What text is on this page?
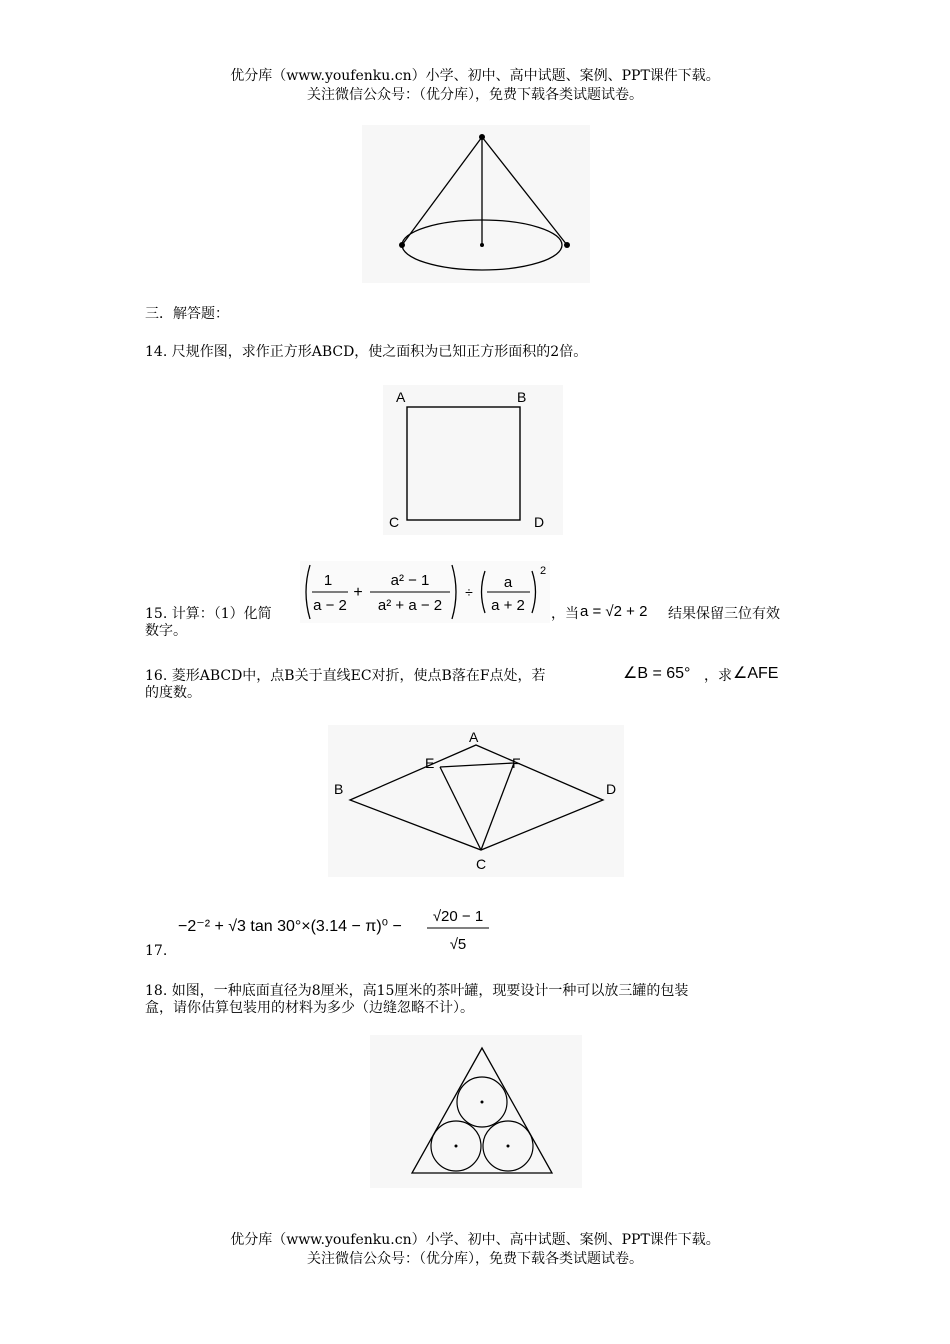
优分库（www.youfenku.cn）小学、初中、高中试题、案例、PPT课件下载。
关注微信公众号：（优分库），免费下载各类试题试卷。
三．解答题：
14. 尺规作图，求作正方形ABCD，使之面积为已知正方形面积的2倍。
A	B
C	D
15. 计算：（1）化简
1
a − 2
+
a² − 1
a² + a − 2
÷
a
a + 2
2
，当 a = √2 + 2 结果保留三位有效
数字。
16. 菱形ABCD中，点B关于直线EC对折，使点B落在F点处，若	∠B = 65° ，求 ∠AFE
的度数。
A
B
C
D
E	F
17.
−2⁻² + √3 tan 30°×(3.14 − π)⁰ −
√20 − 1
√5
18. 如图，一种底面直径为8厘米，高15厘米的茶叶罐，现要设计一种可以放三罐的包装
盒，请你估算包装用的材料为多少（边缝忽略不计）。
优分库（www.youfenku.cn）小学、初中、高中试题、案例、PPT课件下载。
关注微信公众号：（优分库），免费下载各类试题试卷。
